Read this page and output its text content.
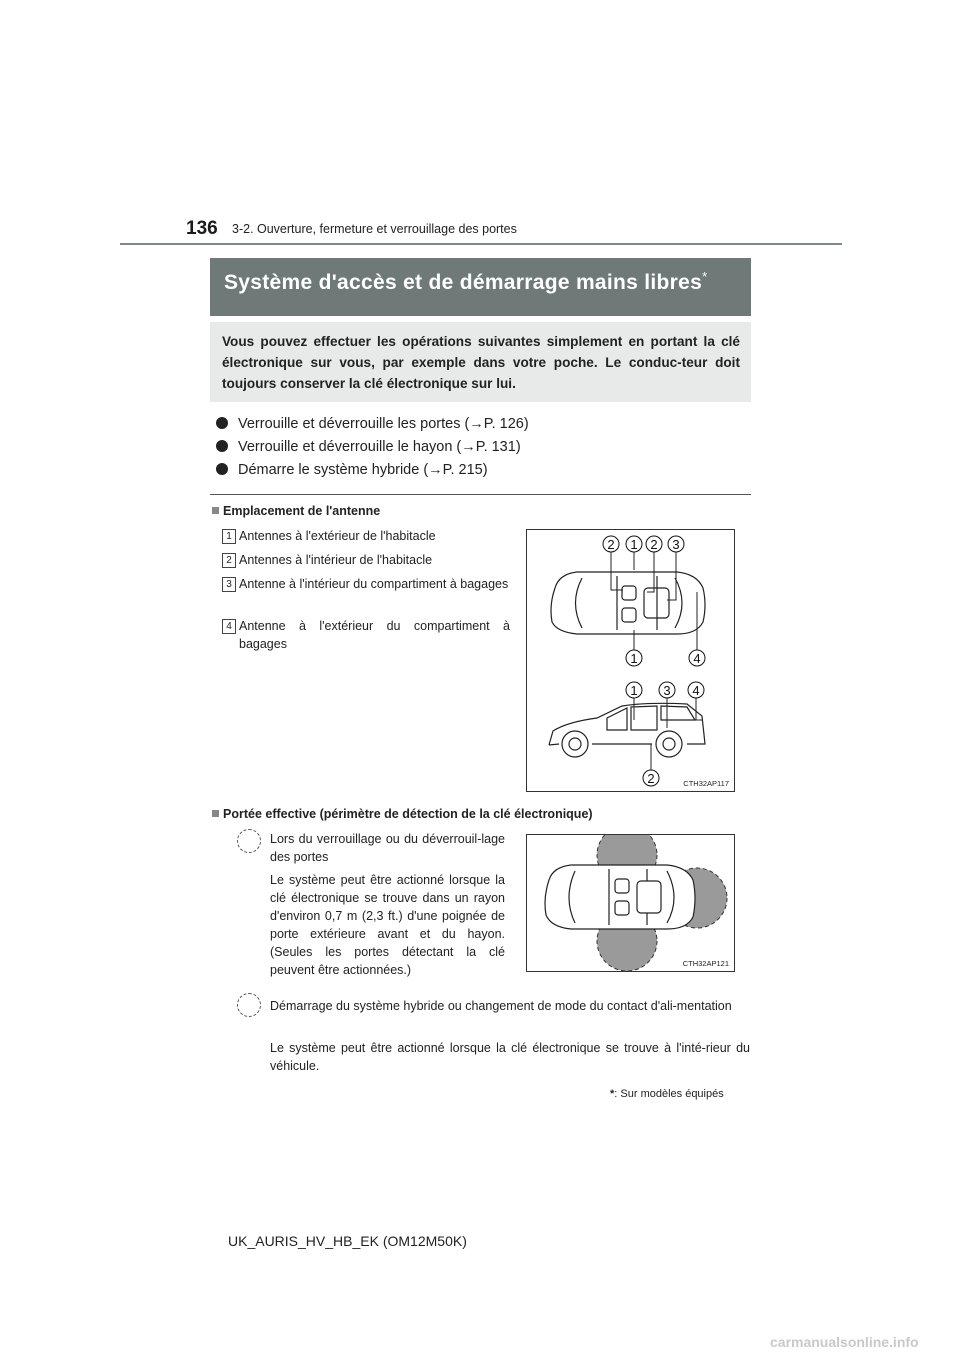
136 3-2. Ouverture, fermeture et verrouillage des portes
Système d'accès et de démarrage mains libres*
Vous pouvez effectuer les opérations suivantes simplement en portant la clé électronique sur vous, par exemple dans votre poche. Le conduc-teur doit toujours conserver la clé électronique sur lui.
Verrouille et déverrouille les portes (→P. 126)
Verrouille et déverrouille le hayon (→P. 131)
Démarre le système hybride (→P. 215)
Emplacement de l'antenne
1 Antennes à l'extérieur de l'habitacle
2 Antennes à l'intérieur de l'habitacle
3 Antenne à l'intérieur du compartiment à bagages
4 Antenne à l'extérieur du compartiment à bagages
2 1 2 3
1	4
1 3 4
2	CTH32AP117
Portée effective (périmètre de détection de la clé électronique)
Lors du verrouillage ou du déverrouil-lage des portes
Le système peut être actionné lorsque la clé électronique se trouve dans un rayon d'environ 0,7 m (2,3 ft.) d'une poignée de porte extérieure avant et du hayon. (Seules les portes détectant la clé peuvent être actionnées.)	CTH32AP121
Démarrage du système hybride ou changement de mode du contact d'ali-mentation
Le système peut être actionné lorsque la clé électronique se trouve à l'inté-rieur du véhicule.
*: Sur modèles équipés
UK_AURIS_HV_HB_EK (OM12M50K)
carmanualsonline.info
